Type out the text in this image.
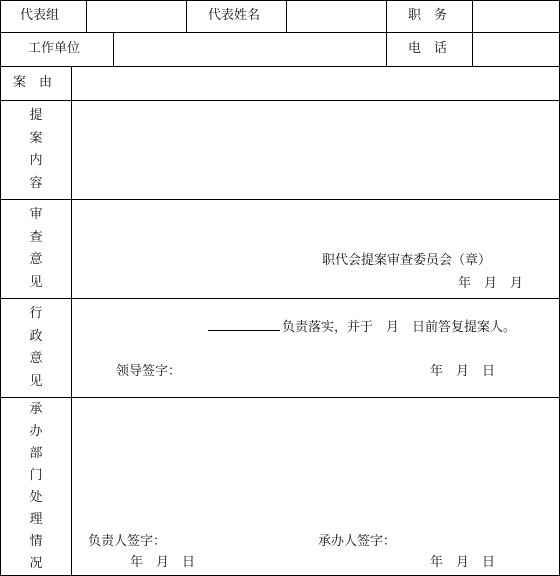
代表组	代表姓名	职　务
工作单位	电　话
案　由
提
案
内
容
审
查
意
见
职代会提案审查委员会（章）
年　月　月
行
政
意
见
负责落实，并于　月　日前答复提案人。
领导签字：	年　月　日
承
办
部
门
处
理
情
况
负责人签字：	承办人签字：
年　月　日	年　月　日
